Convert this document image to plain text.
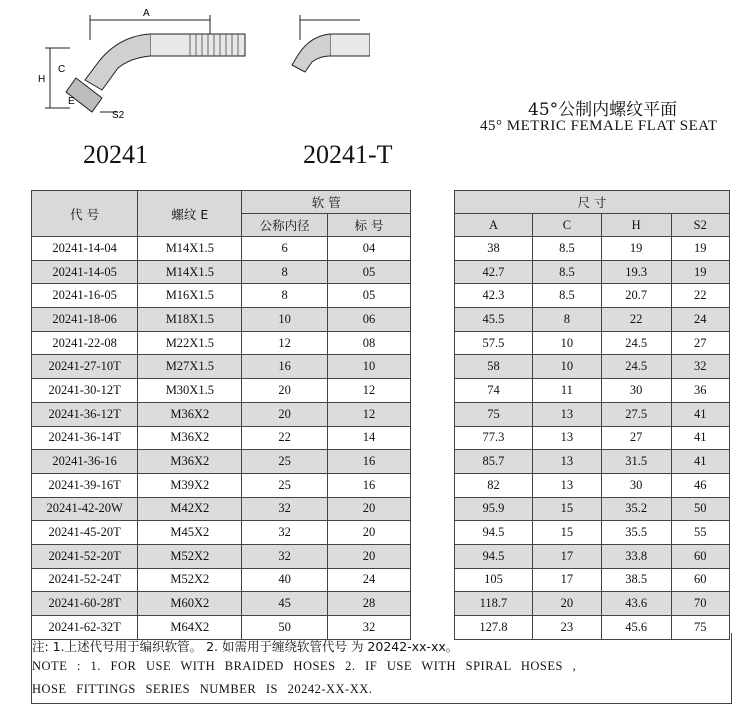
A
H
C
E
S2
20241	20241-T
45°公制内螺纹平面
45° METRIC FEMALE FLAT SEAT
代 号	螺纹 E	软 管			尺 寸			
		公称内径	标 号		A	C	H	S2
20241-14-04	M14X1.5	6	04		38	8.5	19	19
20241-14-05	M14X1.5	8	05		42.7	8.5	19.3	19
20241-16-05	M16X1.5	8	05		42.3	8.5	20.7	22
20241-18-06	M18X1.5	10	06		45.5	8	22	24
20241-22-08	M22X1.5	12	08		57.5	10	24.5	27
20241-27-10T	M27X1.5	16	10		58	10	24.5	32
20241-30-12T	M30X1.5	20	12		74	11	30	36
20241-36-12T	M36X2	20	12		75	13	27.5	41
20241-36-14T	M36X2	22	14		77.3	13	27	41
20241-36-16	M36X2	25	16		85.7	13	31.5	41
20241-39-16T	M39X2	25	16		82	13	30	46
20241-42-20W	M42X2	32	20		95.9	15	35.2	50
20241-45-20T	M45X2	32	20		94.5	15	35.5	55
20241-52-20T	M52X2	32	20		94.5	17	33.8	60
20241-52-24T	M52X2	40	24		105	17	38.5	60
20241-60-28T	M60X2	45	28		118.7	20	43.6	70
20241-62-32T	M64X2	50	32		127.8	23	45.6	75
注: 1.上述代号用于编织软管。 2. 如需用于缠绕软管代号 为 20242-xx-xx。
NOTE : 1. FOR USE WITH BRAIDED HOSES 2. IF USE WITH SPIRAL HOSES ,
HOSE FITTINGS SERIES NUMBER IS 20242-XX-XX.
